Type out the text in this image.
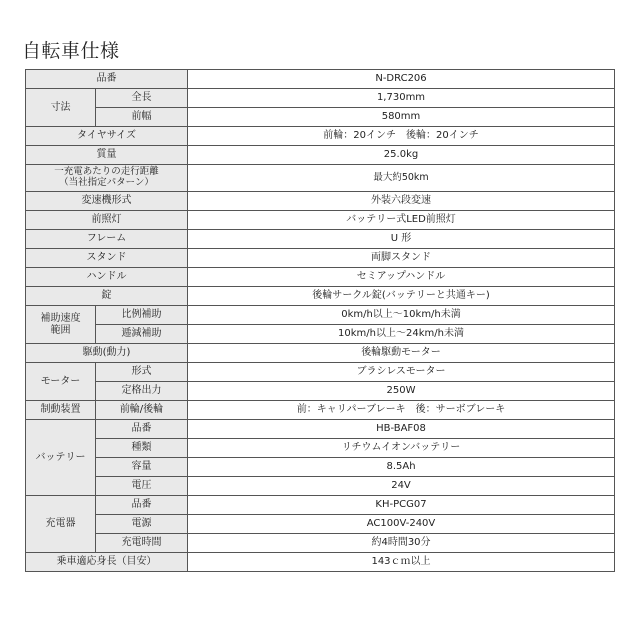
自転車仕様
品番		N-DRC206
寸法	全長	1,730mm
	前幅	580mm
タイヤサイズ		前輪：20インチ　後輪：20インチ
質量		25.0kg

一充電あたりの走行距離
（当社指定パターン）		最大約50km
変速機形式		外装六段変速
前照灯		バッテリー式LED前照灯
フレーム		U 形
スタンド		両脚スタンド
ハンドル		セミアップハンドル
錠		後輪サークル錠(バッテリーと共通キー)

補助速度
範囲	比例補助	0km/h以上～10km/h未満
	逓減補助	10km/h以上～24km/h未満
駆動(動力)		後輪駆動モーター
モーター	形式	ブラシレスモーター
	定格出力	250W
制動装置	前輪/後輪	前：キャリパーブレーキ　後：サーボブレーキ
バッテリー	品番	HB-BAF08
	種類	リチウムイオンバッテリー
	容量	8.5Ah
	電圧	24V
充電器	品番	KH-PCG07
	電源	AC100V-240V
	充電時間	約4時間30分
乗車適応身長（目安）		143ｃｍ以上
